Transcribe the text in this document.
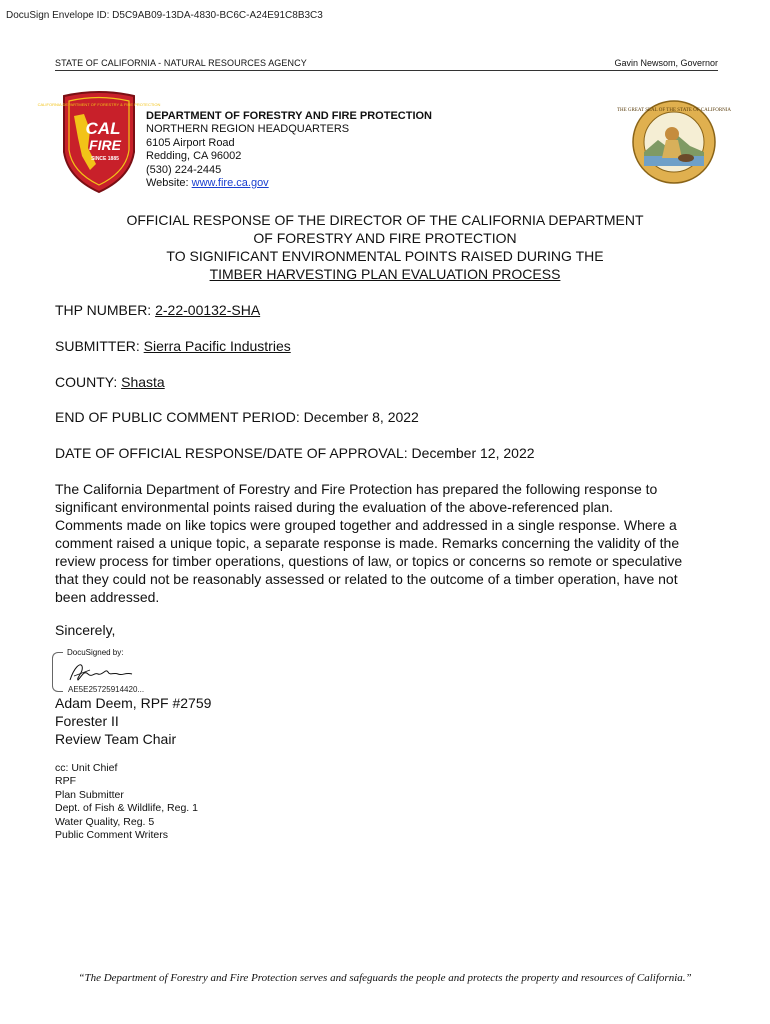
DocuSign Envelope ID: D5C9AB09-13DA-4830-BC6C-A24E91C8B3C3
STATE OF CALIFORNIA - NATURAL RESOURCES AGENCY	Gavin Newsom, Governor
CALIFORNIA DEPARTMENT OF FORESTRY & FIRE PROTECTION
CAL
FIRE
SINCE 1885
DEPARTMENT OF FORESTRY AND FIRE PROTECTION
NORTHERN REGION HEADQUARTERS
6105 Airport Road
Redding, CA 96002
(530) 224-2445
Website: www.fire.ca.gov
THE GREAT SEAL OF THE STATE OF CALIFORNIA
OFFICIAL RESPONSE OF THE DIRECTOR OF THE CALIFORNIA DEPARTMENT
OF FORESTRY AND FIRE PROTECTION
TO SIGNIFICANT ENVIRONMENTAL POINTS RAISED DURING THE
TIMBER HARVESTING PLAN EVALUATION PROCESS
THP NUMBER: 2-22-00132-SHA
SUBMITTER: Sierra Pacific Industries
COUNTY: Shasta
END OF PUBLIC COMMENT PERIOD: December 8, 2022
DATE OF OFFICIAL RESPONSE/DATE OF APPROVAL: December 12, 2022
The California Department of Forestry and Fire Protection has prepared the following response to
significant environmental points raised during the evaluation of the above-referenced plan.
Comments made on like topics were grouped together and addressed in a single response. Where a
comment raised a unique topic, a separate response is made. Remarks concerning the validity of the
review process for timber operations, questions of law, or topics or concerns so remote or speculative
that they could not be reasonably assessed or related to the outcome of a timber operation, have not
been addressed.
Sincerely,
DocuSigned by:
AE5E25725914420...
Adam Deem, RPF #2759
Forester II
Review Team Chair
cc: Unit Chief
RPF
Plan Submitter
Dept. of Fish & Wildlife, Reg. 1
Water Quality, Reg. 5
Public Comment Writers
“The Department of Forestry and Fire Protection serves and safeguards the people and protects the property and resources of California.”
